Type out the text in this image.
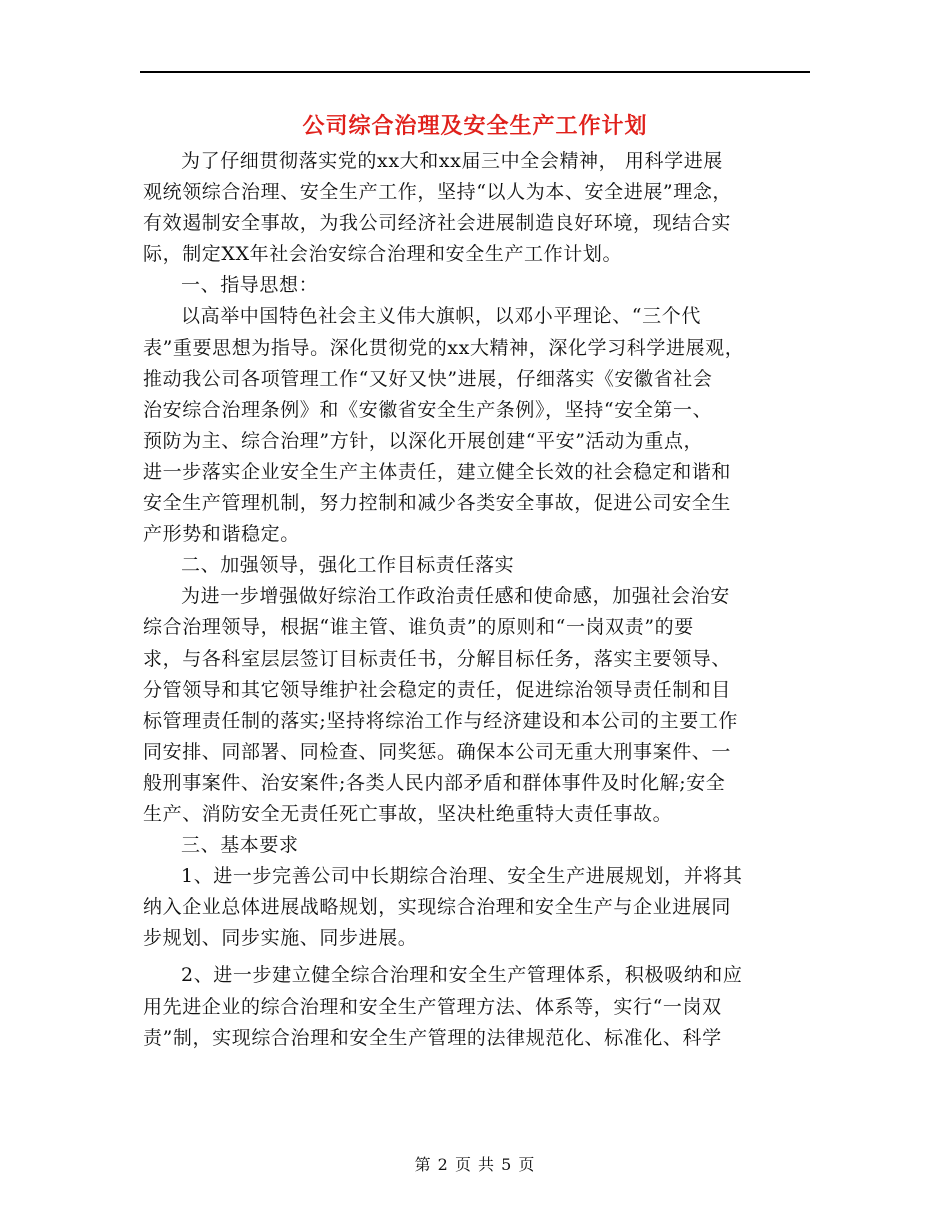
公司综合治理及安全生产工作计划

为了仔细贯彻落实党的xx大和xx届三中全会精神， 用科学进展
观统领综合治理、安全生产工作，坚持“以人为本、安全进展”理念，
有效遏制安全事故，为我公司经济社会进展制造良好环境，现结合实
际，制定XX年社会治安综合治理和安全生产工作计划。

一、指导思想：

以高举中国特色社会主义伟大旗帜，以邓小平理论、“三个代
表”重要思想为指导。深化贯彻党的xx大精神，深化学习科学进展观，
推动我公司各项管理工作“又好又快”进展，仔细落实《安徽省社会
治安综合治理条例》和《安徽省安全生产条例》，坚持“安全第一、
预防为主、综合治理”方针，以深化开展创建“平安”活动为重点，
进一步落实企业安全生产主体责任，建立健全长效的社会稳定和谐和
安全生产管理机制，努力控制和减少各类安全事故，促进公司安全生
产形势和谐稳定。

二、加强领导，强化工作目标责任落实

为进一步增强做好综治工作政治责任感和使命感，加强社会治安
综合治理领导，根据“谁主管、谁负责”的原则和“一岗双责”的要
求，与各科室层层签订目标责任书，分解目标任务，落实主要领导、
分管领导和其它领导维护社会稳定的责任，促进综治领导责任制和目
标管理责任制的落实;坚持将综治工作与经济建设和本公司的主要工作
同安排、同部署、同检查、同奖惩。确保本公司无重大刑事案件、一
般刑事案件、治安案件;各类人民内部矛盾和群体事件及时化解;安全
生产、消防安全无责任死亡事故，坚决杜绝重特大责任事故。

三、基本要求

1、进一步完善公司中长期综合治理、安全生产进展规划，并将其
纳入企业总体进展战略规划，实现综合治理和安全生产与企业进展同
步规划、同步实施、同步进展。

2、进一步建立健全综合治理和安全生产管理体系，积极吸纳和应
用先进企业的综合治理和安全生产管理方法、体系等，实行“一岗双
责”制，实现综合治理和安全生产管理的法律规范化、标准化、科学

第 2 页 共 5 页
